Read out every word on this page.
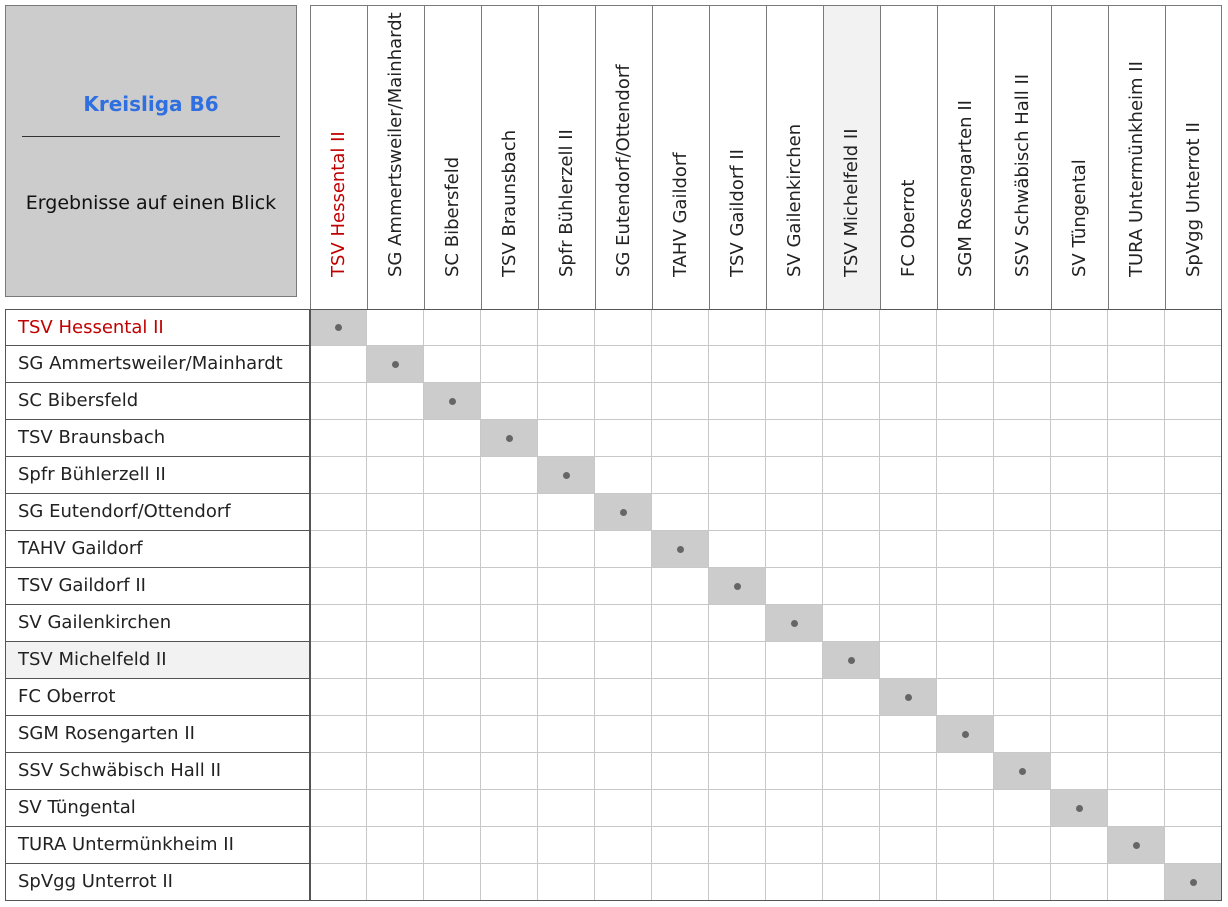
Kreisliga B6
Ergebnisse auf einen Blick	TSV Hessental II SG Ammertsweiler/Mainhardt SC Bibersfeld TSV Braunsbach Spfr Bühlerzell II SG Eutendorf/Ottendorf TAHV Gaildorf TSV Gaildorf II SV Gailenkirchen TSV Michelfeld II FC Oberrot SGM Rosengarten II SSV Schwäbisch Hall II SV Tüngental TURA Untermünkheim II SpVgg Unterrot II
TSV Hessental II
SG Ammertsweiler/Mainhardt
SC Bibersfeld
TSV Braunsbach
Spfr Bühlerzell II
SG Eutendorf/Ottendorf
TAHV Gaildorf
TSV Gaildorf II
SV Gailenkirchen
TSV Michelfeld II
FC Oberrot
SGM Rosengarten II
SSV Schwäbisch Hall II
SV Tüngental
TURA Untermünkheim II
SpVgg Unterrot II
